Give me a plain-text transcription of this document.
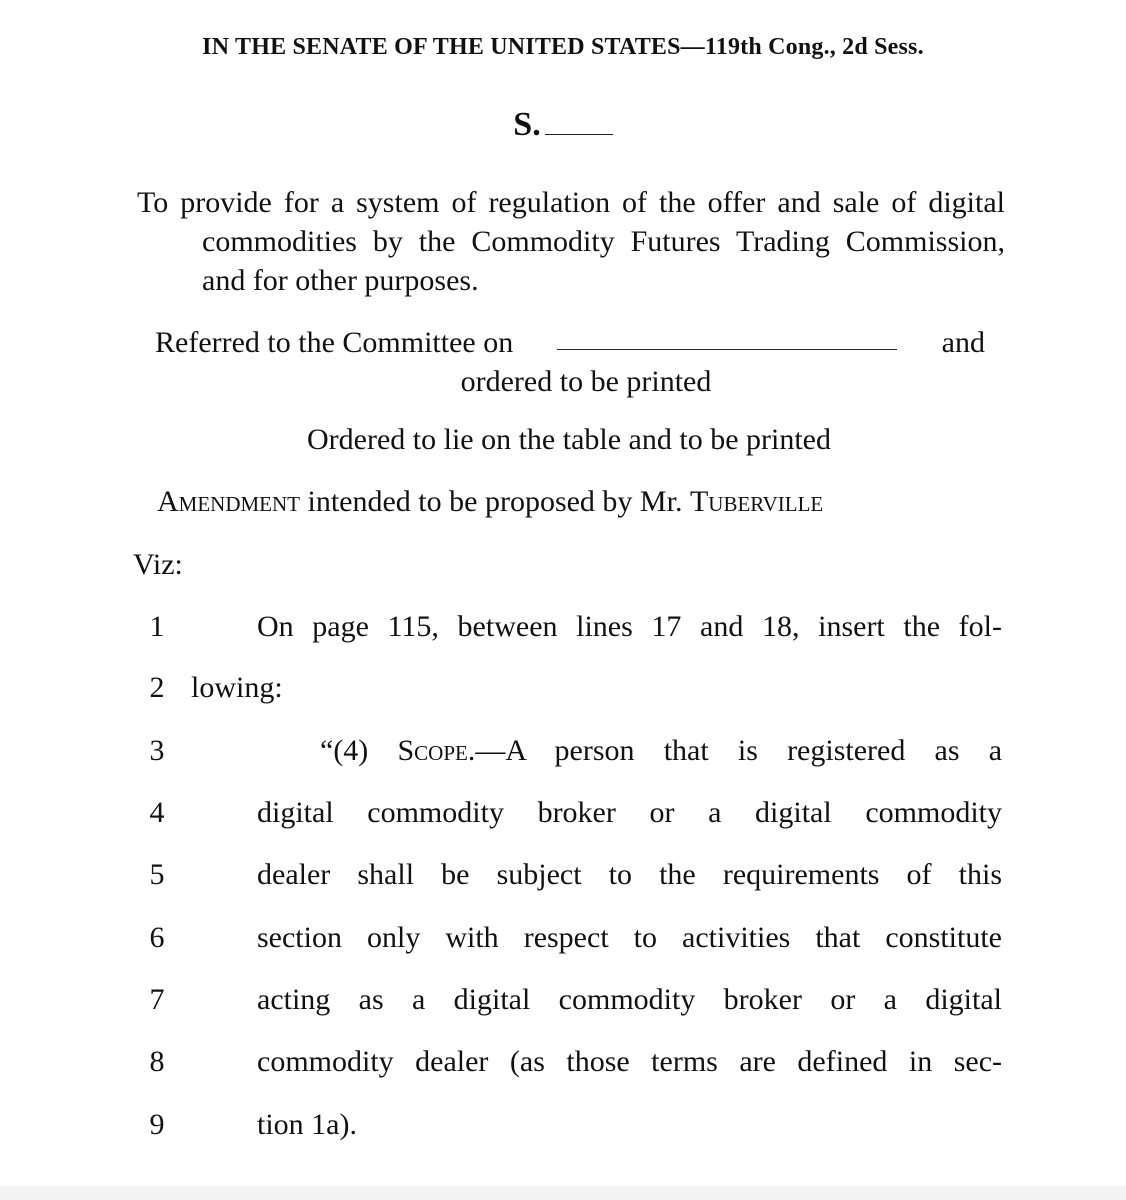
IN THE SENATE OF THE UNITED STATES—119th Cong., 2d Sess.
S.
To provide for a system of regulation of the offer and sale of digital commodities by the Commodity Futures Trading Commission, and for other purposes.
Referred to the Committee on	and
ordered to be printed
Ordered to lie on the table and to be printed
Amendment intended to be proposed by Mr. Tuberville
Viz:
1	On page 115, between lines 17 and 18, insert the fol-
2 lowing:
3	“(4) Scope.—A person that is registered as a
4	digital commodity broker or a digital commodity
5	dealer shall be subject to the requirements of this
6	section only with respect to activities that constitute
7	acting as a digital commodity broker or a digital
8	commodity dealer (as those terms are defined in sec-
9	tion 1a).
